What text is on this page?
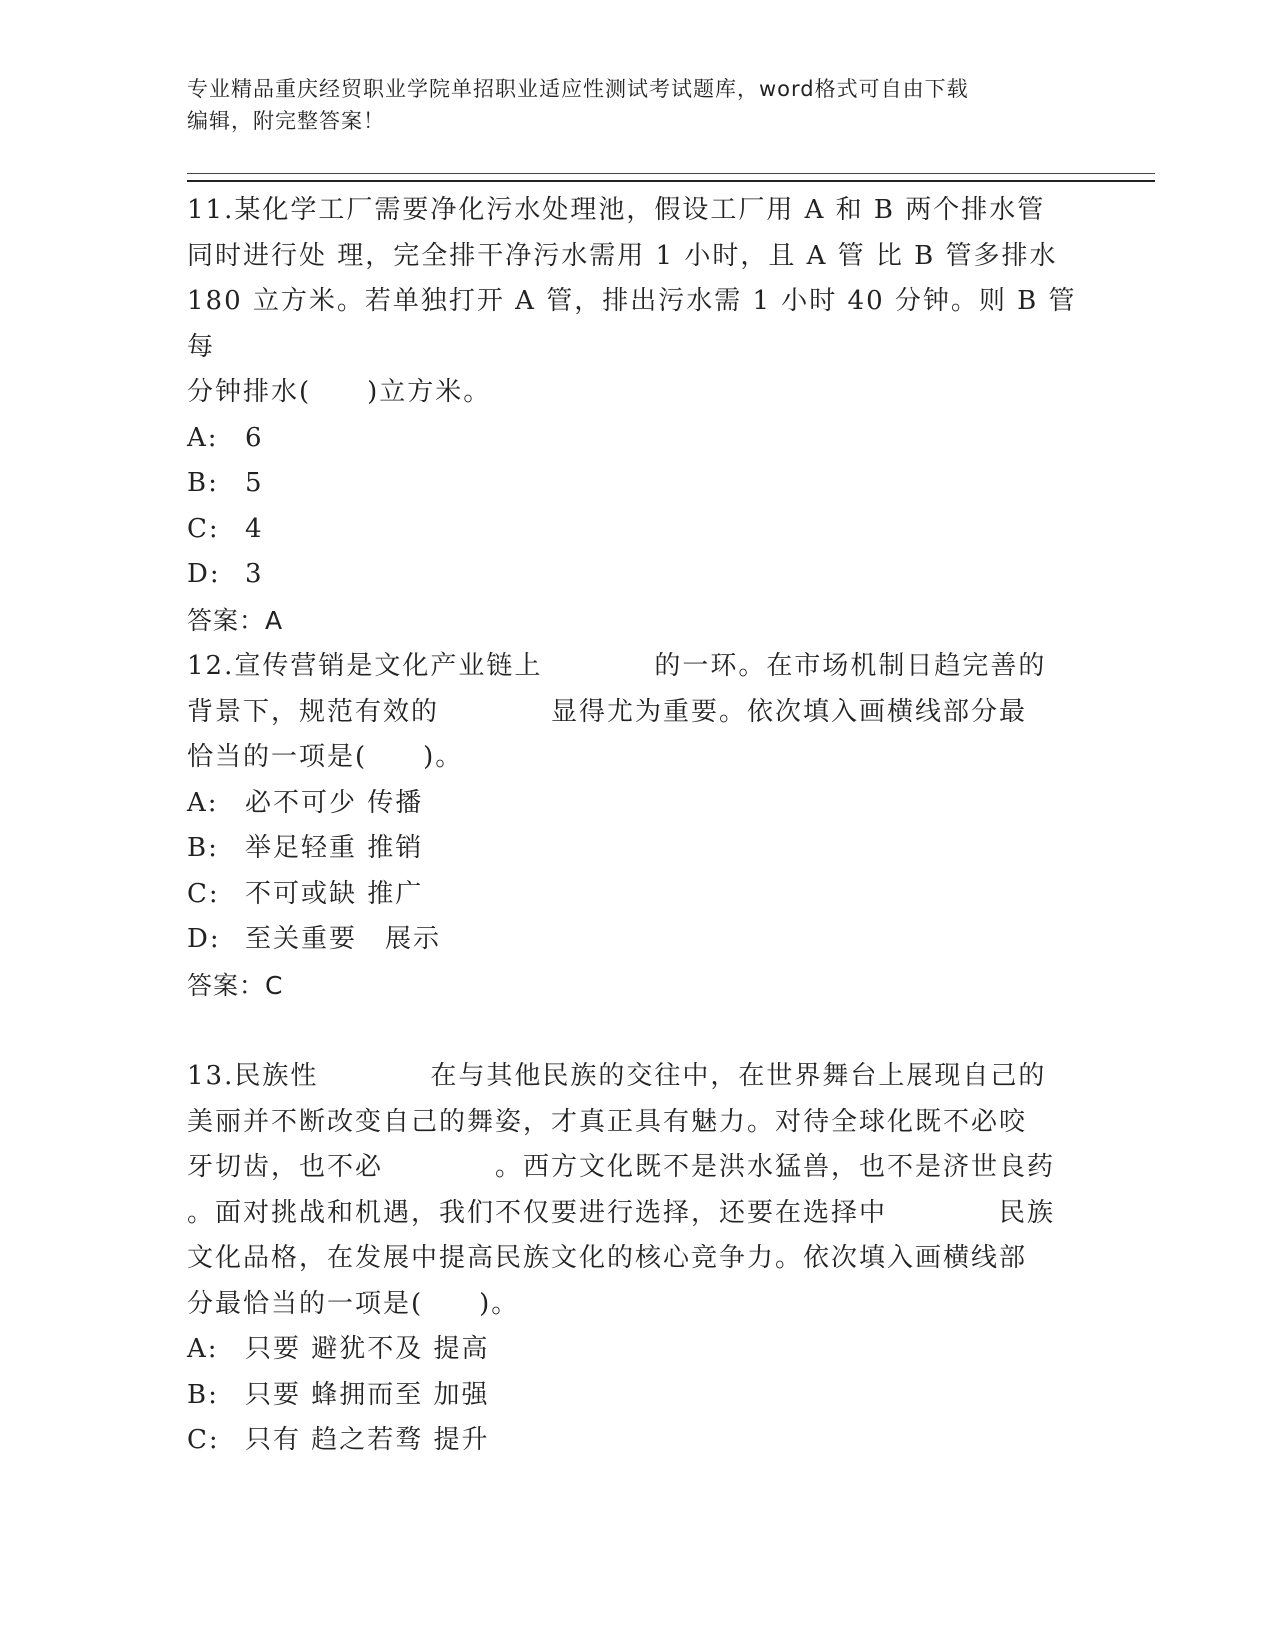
专业精品重庆经贸职业学院单招职业适应性测试考试题库，word格式可自由下载
编辑，附完整答案！
11.某化学工厂需要净化污水处理池，假设工厂用 A 和 B 两个排水管
同时进行处 理，完全排干净污水需用 1 小时，且 A 管 比 B 管多排水
180 立方米。若单独打开 A 管，排出污水需 1 小时 40 分钟。则 B 管每
分钟排水(　　)立方米。
A:	6
B:	5
C: 4
D: 3
答案：A
12.宣传营销是文化产业链上　　　　的一环。在市场机制日趋完善的
背景下，规范有效的　　　　显得尤为重要。依次填入画横线部分最
恰当的一项是(　　)。
A:	必不可少 传播
B:	举足轻重 推销
C: 不可或缺 推广
D: 至关重要　展示
答案：C
13.民族性　　　　在与其他民族的交往中，在世界舞台上展现自己的
美丽并不断改变自己的舞姿，才真正具有魅力。对待全球化既不必咬
牙切齿，也不必　　　　。西方文化既不是洪水猛兽，也不是济世良药
。面对挑战和机遇，我们不仅要进行选择，还要在选择中　　　　民族
文化品格，在发展中提高民族文化的核心竞争力。依次填入画横线部
分最恰当的一项是(　　)。
A:	只要 避犹不及 提高
B:	只要 蜂拥而至 加强
C: 只有 趋之若骛 提升
